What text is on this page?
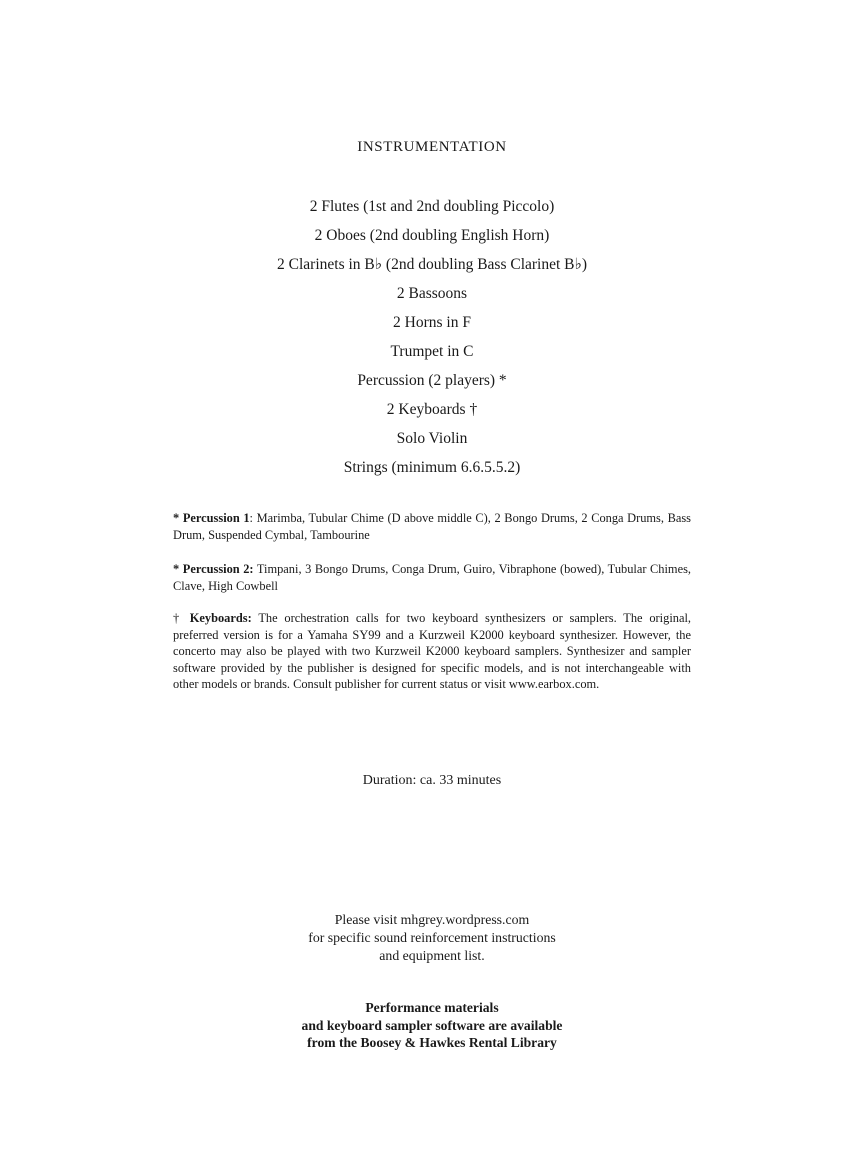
INSTRUMENTATION
2 Flutes (1st and 2nd doubling Piccolo)
2 Oboes (2nd doubling English Horn)
2 Clarinets in B♭ (2nd doubling Bass Clarinet B♭)
2 Bassoons
2 Horns in F
Trumpet in C
Percussion (2 players) *
2 Keyboards †
Solo Violin
Strings (minimum 6.6.5.5.2)

* Percussion 1: Marimba, Tubular Chime (D above middle C), 2 Bongo Drums, 2 Conga Drums, Bass Drum, Suspended Cymbal, Tambourine

* Percussion 2: Timpani, 3 Bongo Drums, Conga Drum, Guiro, Vibraphone (bowed), Tubular Chimes, Clave, High Cowbell

† Keyboards: The orchestration calls for two keyboard synthesizers or samplers. The original, preferred version is for a Yamaha SY99 and a Kurzweil K2000 keyboard synthesizer. However, the concerto may also be played with two Kurzweil K2000 keyboard samplers. Synthesizer and sampler software provided by the publisher is designed for specific models, and is not interchangeable with other models or brands. Consult publisher for current status or visit www.earbox.com.

Duration: ca. 33 minutes
Please visit mhgrey.wordpress.com
for specific sound reinforcement instructions
and equipment list.
Performance materials
and keyboard sampler software are available
from the Boosey & Hawkes Rental Library
